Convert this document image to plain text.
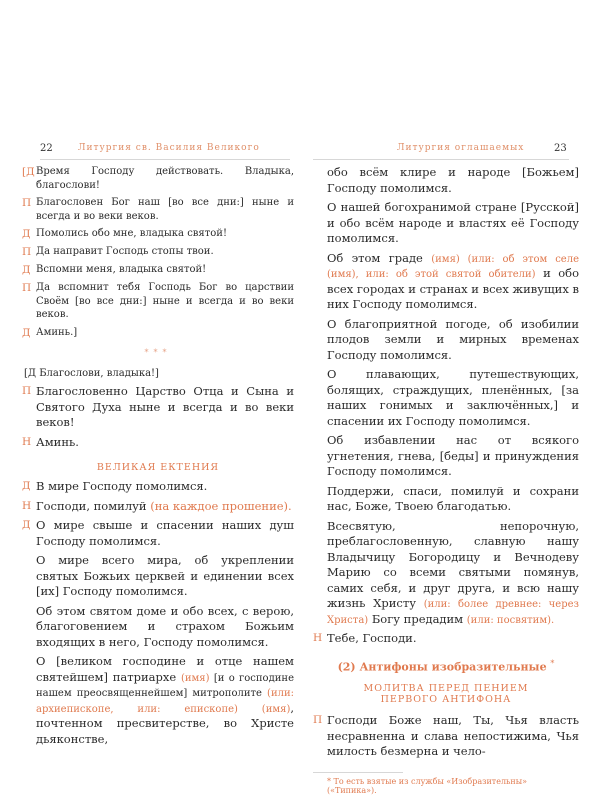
22	Литургия св. Василия Великого
[Д Время Господу действовать. Владыка, благослови!
П Благословен Бог наш [во все дни:] ныне и всегда и во веки веков.
Д Помолись обо мне, владыка святой!
П Да направит Господь стопы твои.
Д Вспомни меня, владыка святой!
П Да вспомнит тебя Господь Бог во царствии Своём [во все дни:] ныне и всегда и во веки веков.
Д Аминь.]
***
[Д Благослови, владыка!]
П Благословенно Царство Отца и Сына и Святого Духа ныне и всегда и во веки веков!
Н Аминь.
ВЕЛИКАЯ ЕКТЕНИЯ
Д В мире Господу помолимся.
Н Господи, помилуй (на каждое прошение).
Д О мире свыше и спасении наших душ Господу помолимся.
О мире всего мира, об укреплении святых Божьих церквей и единении всех [их] Господу помолимся.
Об этом святом доме и обо всех, с верою, благоговением и страхом Божьим входящих в него, Господу помолимся.
О [великом господине и отце нашем святейшем] патриархе (имя) [и о господине нашем преосвященнейшем] митрополите (или: архиепископе, или: епископе) (имя), почтенном пресвитерстве, во Христе дьяконстве,
Литургия оглашаемых	23
обо всём клире и народе [Божьем] Господу помолимся.
О нашей богохранимой стране [Русской] и обо всём народе и властях её Господу помолимся.
Об этом граде (имя) (или: об этом селе (имя), или: об этой святой обители) и обо всех городах и странах и всех живущих в них Господу помолимся.
О благоприятной погоде, об изобилии плодов земли и мирных временах Господу помолимся.
О плавающих, путешествующих, болящих, страждущих, пленённых, [за наших гонимых и заключённых,] и спасении их Господу помолимся.
Об избавлении нас от всякого угнетения, гнева, [беды] и принуждения Господу помолимся.
Поддержи, спаси, помилуй и сохрани нас, Боже, Твоею благодатью.
Всесвятую, непорочную, преблагословенную, славную нашу Владычицу Богородицу и Вечнодеву Марию со всеми святыми помянув, самих себя, и друг друга, и всю нашу жизнь Христу (или: более древнее: через Христа) Богу предадим (или: посвятим).
Н Тебе, Господи.
(2) Антифоны изобразительные *
МОЛИТВА ПЕРЕД ПЕНИЕМ
ПЕРВОГО АНТИФОНА
П Господи Боже наш, Ты, Чья власть несравненна и слава непостижима, Чья милость безмерна и чело-
* То есть взятые из службы «Изобразительны» («Типика»).
